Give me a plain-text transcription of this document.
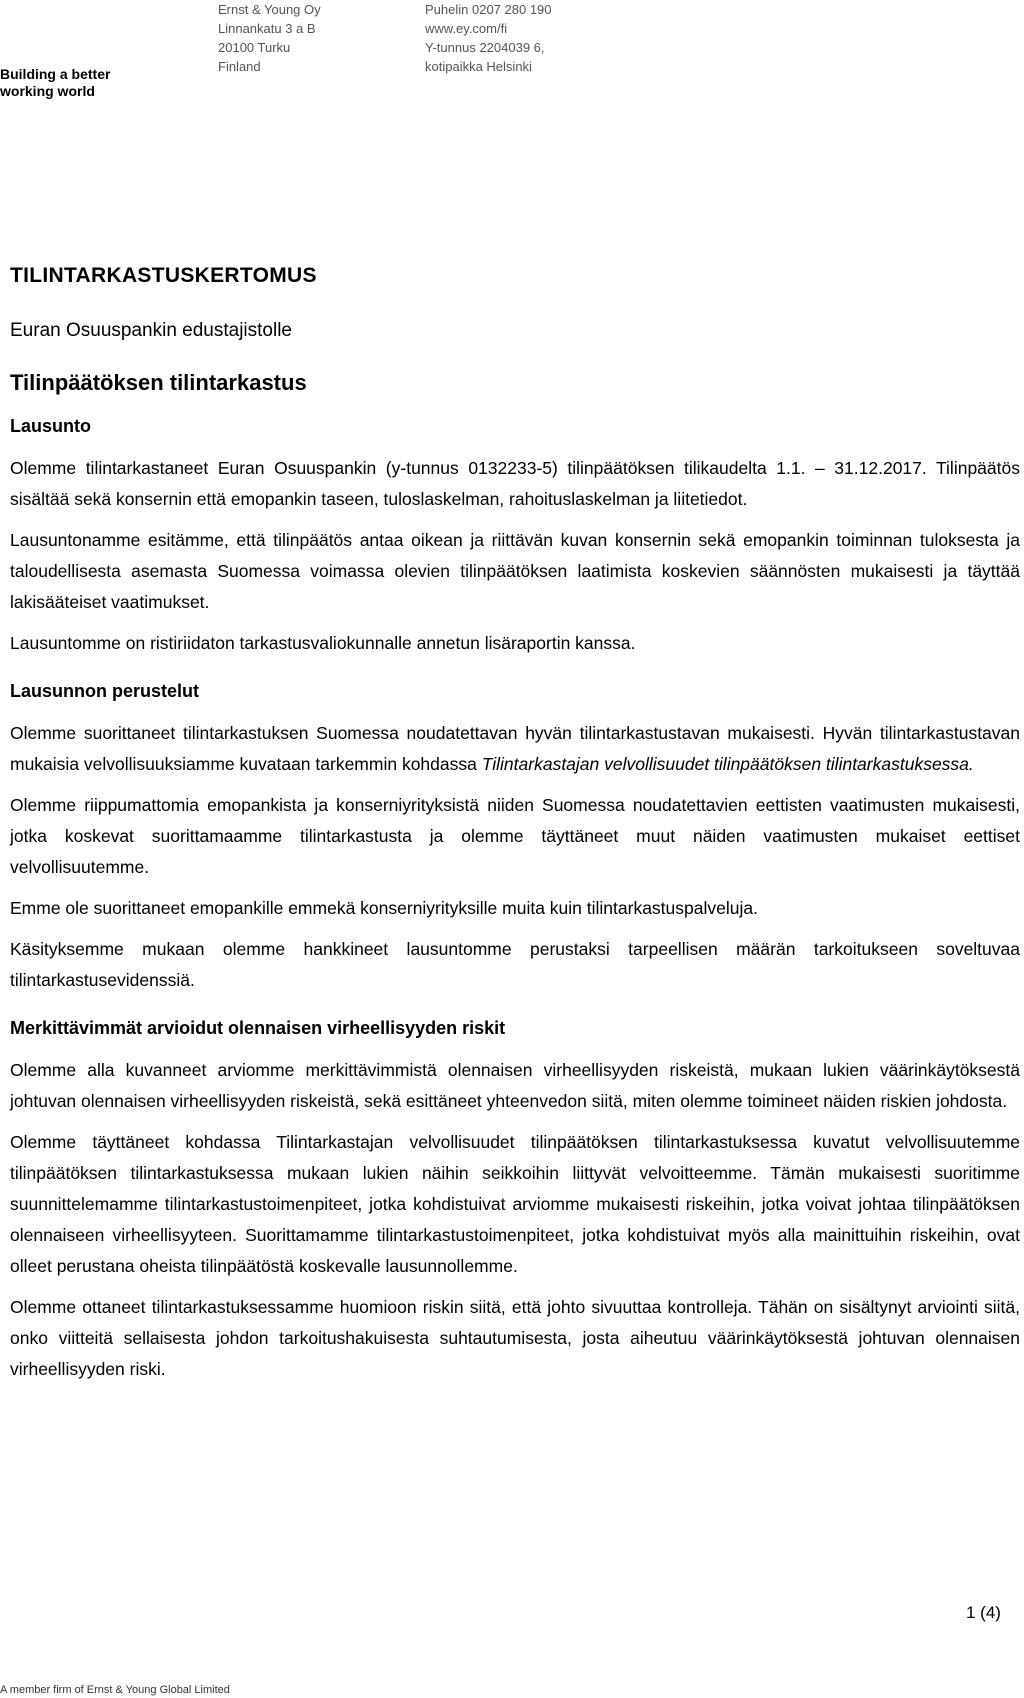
Building a better working world
Ernst & Young Oy
Linnankatu 3 a B
20100 Turku
Finland
Puhelin 0207 280 190
www.ey.com/fi
Y-tunnus 2204039 6,
kotipaikka Helsinki
TILINTARKASTUSKERTOMUS
Euran Osuuspankin edustajistolle
Tilinpäätöksen tilintarkastus
Lausunto

Olemme tilintarkastaneet Euran Osuuspankin (y-tunnus 0132233-5) tilinpäätöksen tilikaudelta 1.1. – 31.12.2017. Tilinpäätös sisältää sekä konsernin että emopankin taseen, tuloslaskelman, rahoituslaskelman ja liitetiedot.

Lausuntonamme esitämme, että tilinpäätös antaa oikean ja riittävän kuvan konsernin sekä emopankin toiminnan tuloksesta ja taloudellisesta asemasta Suomessa voimassa olevien tilinpäätöksen laatimista koskevien säännösten mukaisesti ja täyttää lakisääteiset vaatimukset.

Lausuntomme on ristiriidaton tarkastusvaliokunnalle annetun lisäraportin kanssa.

Lausunnon perustelut

Olemme suorittaneet tilintarkastuksen Suomessa noudatettavan hyvän tilintarkastustavan mukaisesti. Hyvän tilintarkastustavan mukaisia velvollisuuksiamme kuvataan tarkemmin kohdassa Tilintarkastajan velvollisuudet tilinpäätöksen tilintarkastuksessa.

Olemme riippumattomia emopankista ja konserniyrityksistä niiden Suomessa noudatettavien eettisten vaatimusten mukaisesti, jotka koskevat suorittamaamme tilintarkastusta ja olemme täyttäneet muut näiden vaatimusten mukaiset eettiset velvollisuutemme.

Emme ole suorittaneet emopankille emmekä konserniyrityksille muita kuin tilintarkastuspalveluja.

Käsityksemme mukaan olemme hankkineet lausuntomme perustaksi tarpeellisen määrän tarkoitukseen soveltuvaa tilintarkastusevidenssiä.

Merkittävimmät arvioidut olennaisen virheellisyyden riskit

Olemme alla kuvanneet arviomme merkittävimmistä olennaisen virheellisyyden riskeistä, mukaan lukien väärinkäytöksestä johtuvan olennaisen virheellisyyden riskeistä, sekä esittäneet yhteenvedon siitä, miten olemme toimineet näiden riskien johdosta.

Olemme täyttäneet kohdassa Tilintarkastajan velvollisuudet tilinpäätöksen tilintarkastuksessa kuvatut velvollisuutemme tilinpäätöksen tilintarkastuksessa mukaan lukien näihin seikkoihin liittyvät velvoitteemme. Tämän mukaisesti suoritimme suunnittelemamme tilintarkastustoimenpiteet, jotka kohdistuivat arviomme mukaisesti riskeihin, jotka voivat johtaa tilinpäätöksen olennaiseen virheellisyyteen. Suorittamamme tilintarkastustoimenpiteet, jotka kohdistuivat myös alla mainittuihin riskeihin, ovat olleet perustana oheista tilinpäätöstä koskevalle lausunnollemme.

Olemme ottaneet tilintarkastuksessamme huomioon riskin siitä, että johto sivuuttaa kontrolleja. Tähän on sisältynyt arviointi siitä, onko viitteitä sellaisesta johdon tarkoitushakuisesta suhtautumisesta, josta aiheutuu väärinkäytöksestä johtuvan olennaisen virheellisyyden riski.

1 (4)
A member firm of Ernst & Young Global Limited
